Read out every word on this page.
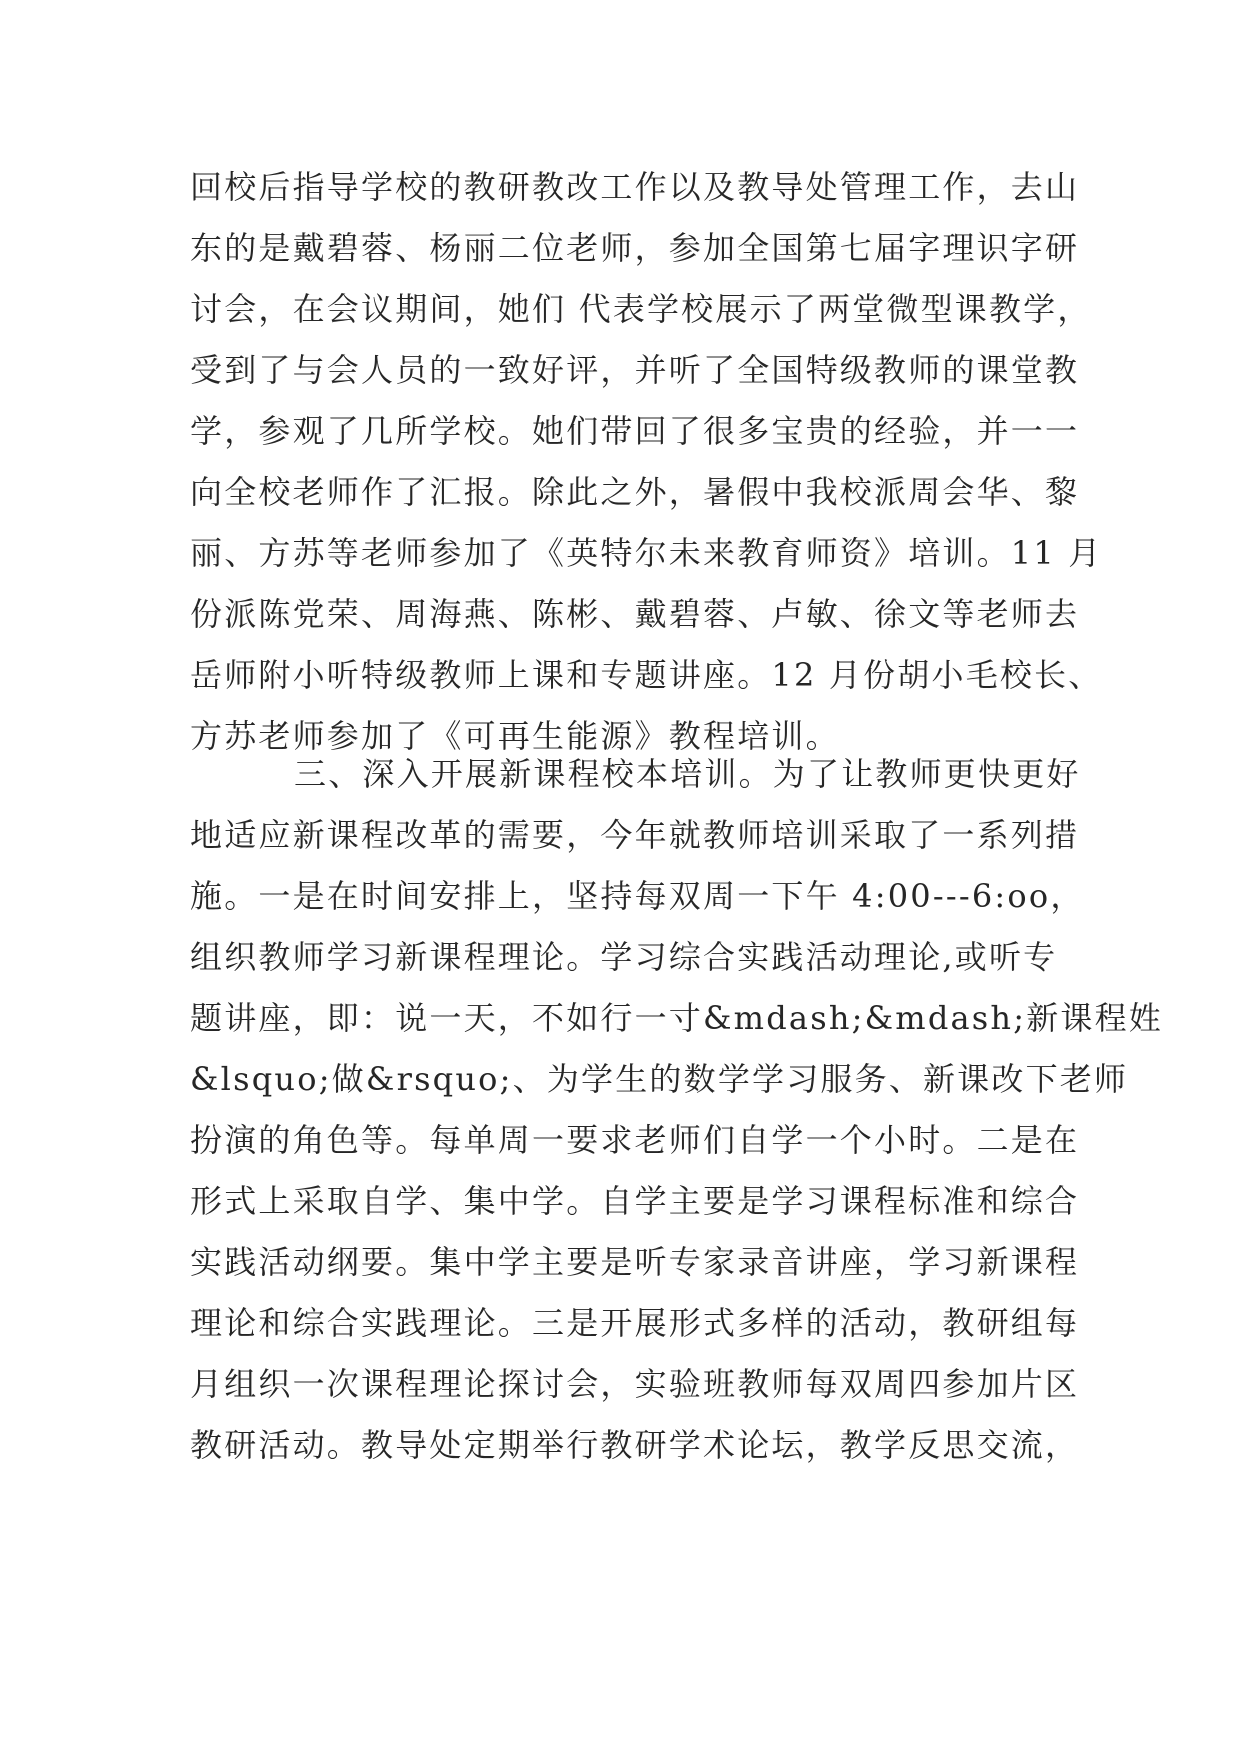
回校后指导学校的教研教改工作以及教导处管理工作，去山
东的是戴碧蓉、杨丽二位老师，参加全国第七届字理识字研
讨会，在会议期间，她们 代表学校展示了两堂微型课教学，
受到了与会人员的一致好评，并听了全国特级教师的课堂教
学，参观了几所学校。她们带回了很多宝贵的经验，并一一
向全校老师作了汇报。除此之外，暑假中我校派周会华、黎
丽、方苏等老师参加了《英特尔未来教育师资》培训。11 月
份派陈党荣、周海燕、陈彬、戴碧蓉、卢敏、徐文等老师去
岳师附小听特级教师上课和专题讲座。12 月份胡小毛校长、
方苏老师参加了《可再生能源》教程培训。
三、深入开展新课程校本培训。为了让教师更快更好
地适应新课程改革的需要，今年就教师培训采取了一系列措
施。一是在时间安排上，坚持每双周一下午 4:00---6:oo，
组织教师学习新课程理论。学习综合实践活动理论,或听专
题讲座，即：说一天，不如行一寸&mdash;&mdash;新课程姓
&lsquo;做&rsquo;、为学生的数学学习服务、新课改下老师
扮演的角色等。每单周一要求老师们自学一个小时。二是在
形式上采取自学、集中学。自学主要是学习课程标准和综合
实践活动纲要。集中学主要是听专家录音讲座，学习新课程
理论和综合实践理论。三是开展形式多样的活动，教研组每
月组织一次课程理论探讨会，实验班教师每双周四参加片区
教研活动。教导处定期举行教研学术论坛，教学反思交流，
